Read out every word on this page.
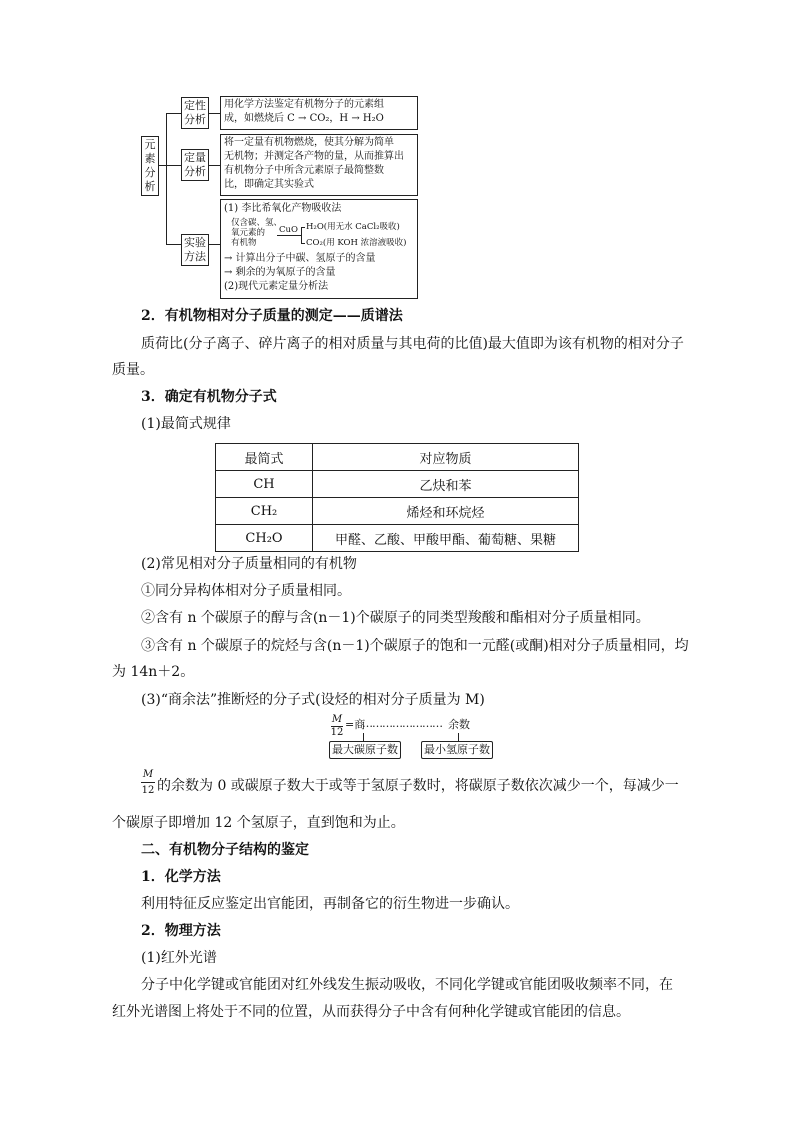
元
素
分
析
定性
分析
定量
分析
实验
方法
用化学方法鉴定有机物分子的元素组
成，如燃烧后 C → CO₂，H → H₂O
将一定量有机物燃烧，使其分解为简单
无机物；并测定各产物的量，从而推算出
有机物分子中所含元素原子最简整数
比，即确定其实验式
(1) 李比希氧化产物吸收法
仅含碳、氢、
氧元素的
有机物
CuO H₂O(用无水 CaCl₂吸收)
CO₂(用 KOH 浓溶液吸收)
→ 计算出分子中碳、氢原子的含量
→ 剩余的为氧原子的含量
(2)现代元素定量分析法
2．有机物相对分子质量的测定——质谱法
质荷比(分子离子、碎片离子的相对质量与其电荷的比值)最大值即为该有机物的相对分子
质量。
3．确定有机物分子式
(1)最简式规律
最简式	对应物质
CH	乙炔和苯
CH₂	烯烃和环烷烃
CH₂O	甲醛、乙酸、甲酸甲酯、葡萄糖、果糖
(2)常见相对分子质量相同的有机物
①同分异构体相对分子质量相同。
②含有 n 个碳原子的醇与含(n－1)个碳原子的同类型羧酸和酯相对分子质量相同。
③含有 n 个碳原子的烷烃与含(n－1)个碳原子的饱和一元醛(或酮)相对分子质量相同，均
为 14n＋2。
(3)“商余法”推断烃的分子式(设烃的相对分子质量为 M)
M
12
=商
…………………… 余数
最大碳原子数 最小氢原子数
M
12 的余数为 0 或碳原子数大于或等于氢原子数时，将碳原子数依次减少一个，每减少一
个碳原子即增加 12 个氢原子，直到饱和为止。
二、有机物分子结构的鉴定
1．化学方法
利用特征反应鉴定出官能团，再制备它的衍生物进一步确认。
2．物理方法
(1)红外光谱
分子中化学键或官能团对红外线发生振动吸收，不同化学键或官能团吸收频率不同，在
红外光谱图上将处于不同的位置，从而获得分子中含有何种化学键或官能团的信息。
